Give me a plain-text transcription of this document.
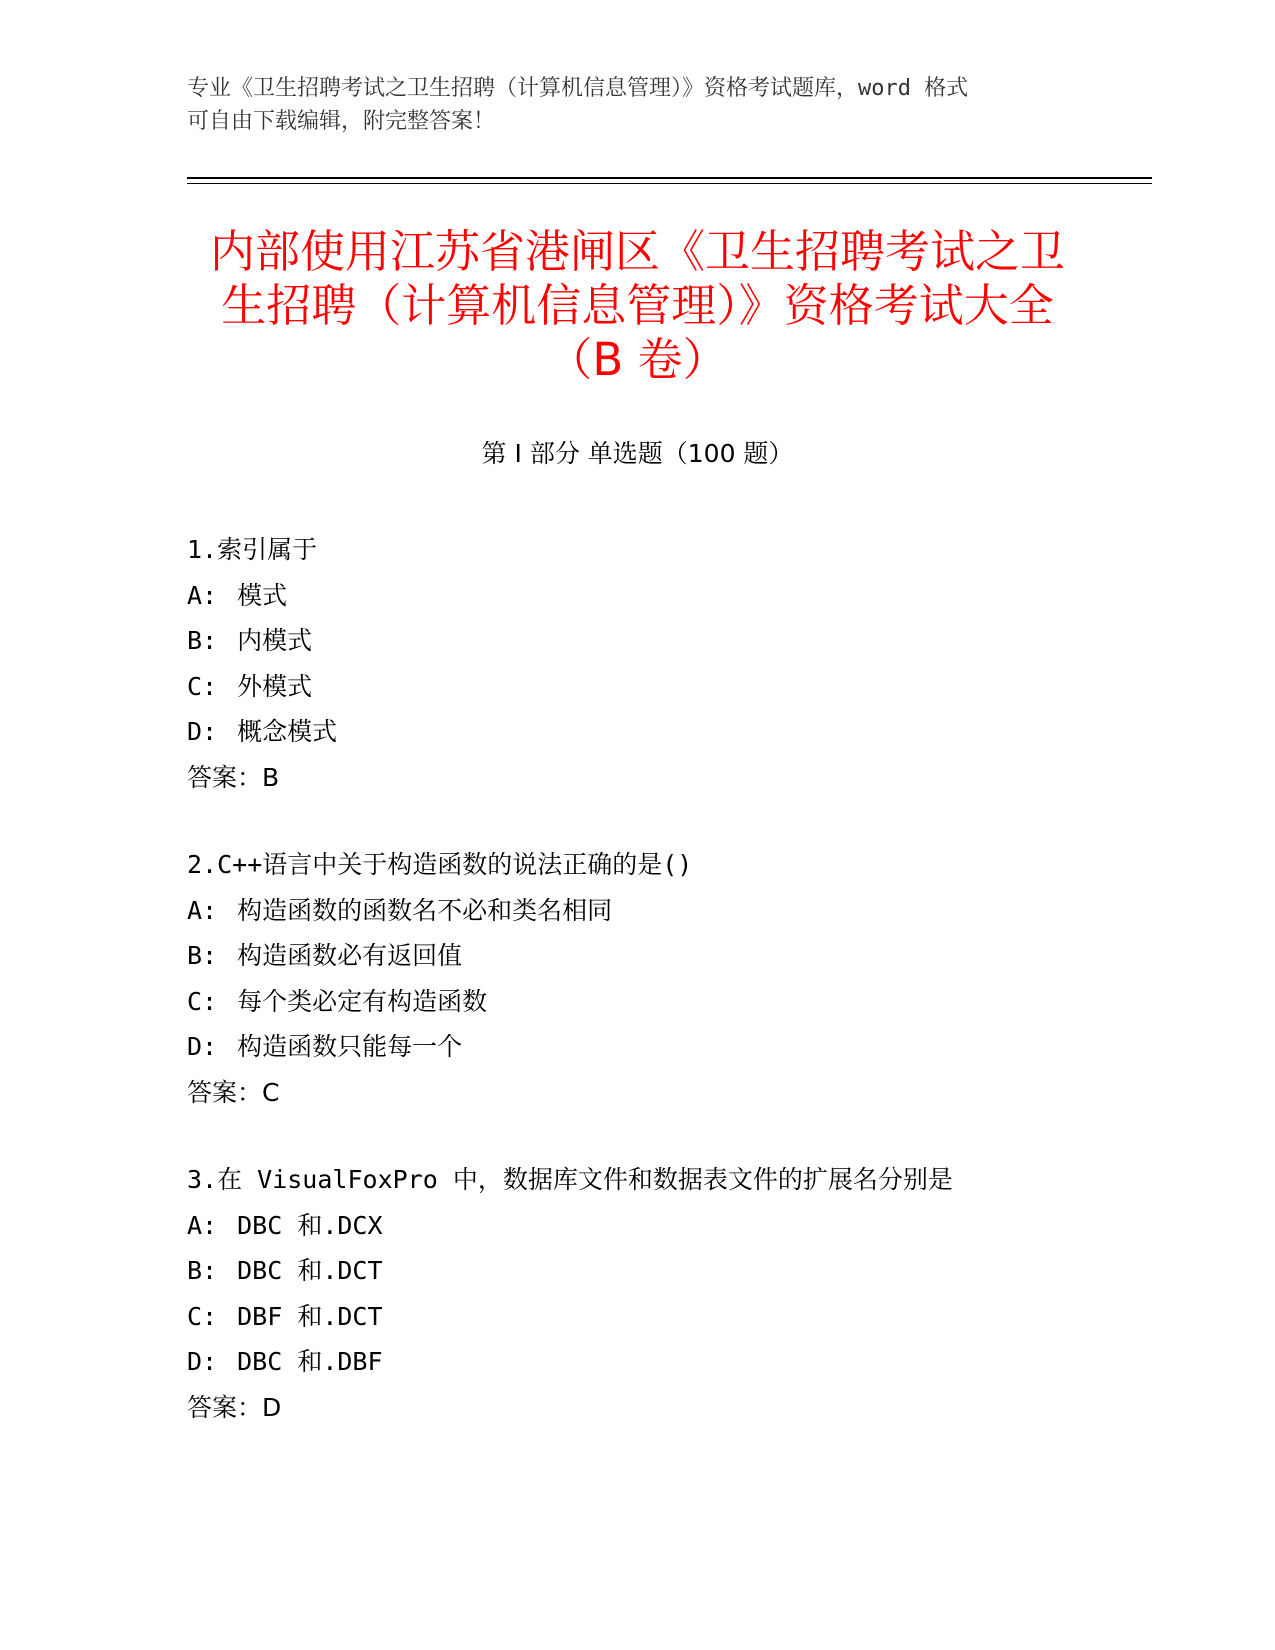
专业《卫生招聘考试之卫生招聘（计算机信息管理）》资格考试题库，word 格式
可自由下载编辑，附完整答案！
内部使用江苏省港闸区《卫生招聘考试之卫
生招聘（计算机信息管理）》资格考试大全
（B 卷）
第 I 部分 单选题（100 题）
1.索引属于
A: 模式
B: 内模式
C: 外模式
D: 概念模式
答案：B
2.C++语言中关于构造函数的说法正确的是()
A: 构造函数的函数名不必和类名相同
B: 构造函数必有返回值
C: 每个类必定有构造函数
D: 构造函数只能每一个
答案：C
3.在 VisualFoxPro 中，数据库文件和数据表文件的扩展名分别是
A: DBC 和.DCX
B: DBC 和.DCT
C: DBF 和.DCT
D: DBC 和.DBF
答案：D
